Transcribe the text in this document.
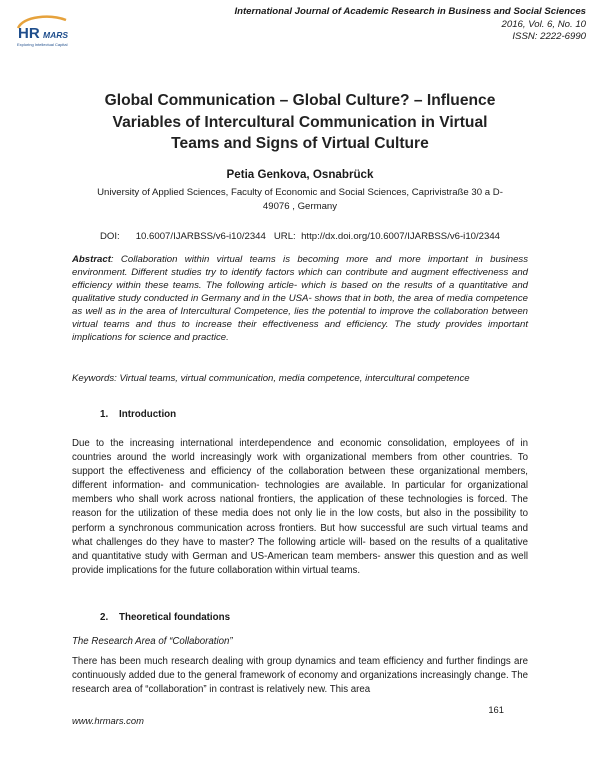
HR MARS
Exploring Intellectual Capital
International Journal of Academic Research in Business and Social Sciences
2016, Vol. 6, No. 10
ISSN: 2222-6990
Global Communication – Global Culture? – Influence
Variables of Intercultural Communication in Virtual
Teams and Signs of Virtual Culture
Petia Genkova, Osnabrück
University of Applied Sciences, Faculty of Economic and Social Sciences, Caprivistraße 30 a D-
49076 , Germany
DOI: 10.6007/IJARBSS/v6-i10/2344 URL: http://dx.doi.org/10.6007/IJARBSS/v6-i10/2344
Abstract: Collaboration within virtual teams is becoming more and more important in business environment. Different studies try to identify factors which can contribute and augment effectiveness and efficiency within these teams. The following article- which is based on the results of a quantitative and qualitative study conducted in Germany and in the USA- shows that in both, the area of media competence as well as in the area of Intercultural Competence, lies the potential to improve the collaboration between virtual teams and thus to increase their effectiveness and efficiency. The study provides important implications for science and practice.
Keywords: Virtual teams, virtual communication, media competence, intercultural competence
1. Introduction
Due to the increasing international interdependence and economic consolidation, employees of in countries around the world increasingly work with organizational members from other countries. To support the effectiveness and efficiency of the collaboration between these organizational members, different information- and communication- technologies are available. In particular for organizational members who shall work across national frontiers, the application of these technologies is forced. The reason for the utilization of these media does not only lie in the low costs, but also in the possibility to perform a synchronous communication across frontiers. But how successful are such virtual teams and what challenges do they have to master? The following article will- based on the results of a qualitative and quantitative study with German and US-American team members- answer this question and as well provide implications for the future collaboration within virtual teams.
2. Theoretical foundations
The Research Area of “Collaboration”
There has been much research dealing with group dynamics and team efficiency and further findings are continuously added due to the general framework of economy and organizations increasingly change. The research area of “collaboration” in contrast is relatively new. This area
161
www.hrmars.com
